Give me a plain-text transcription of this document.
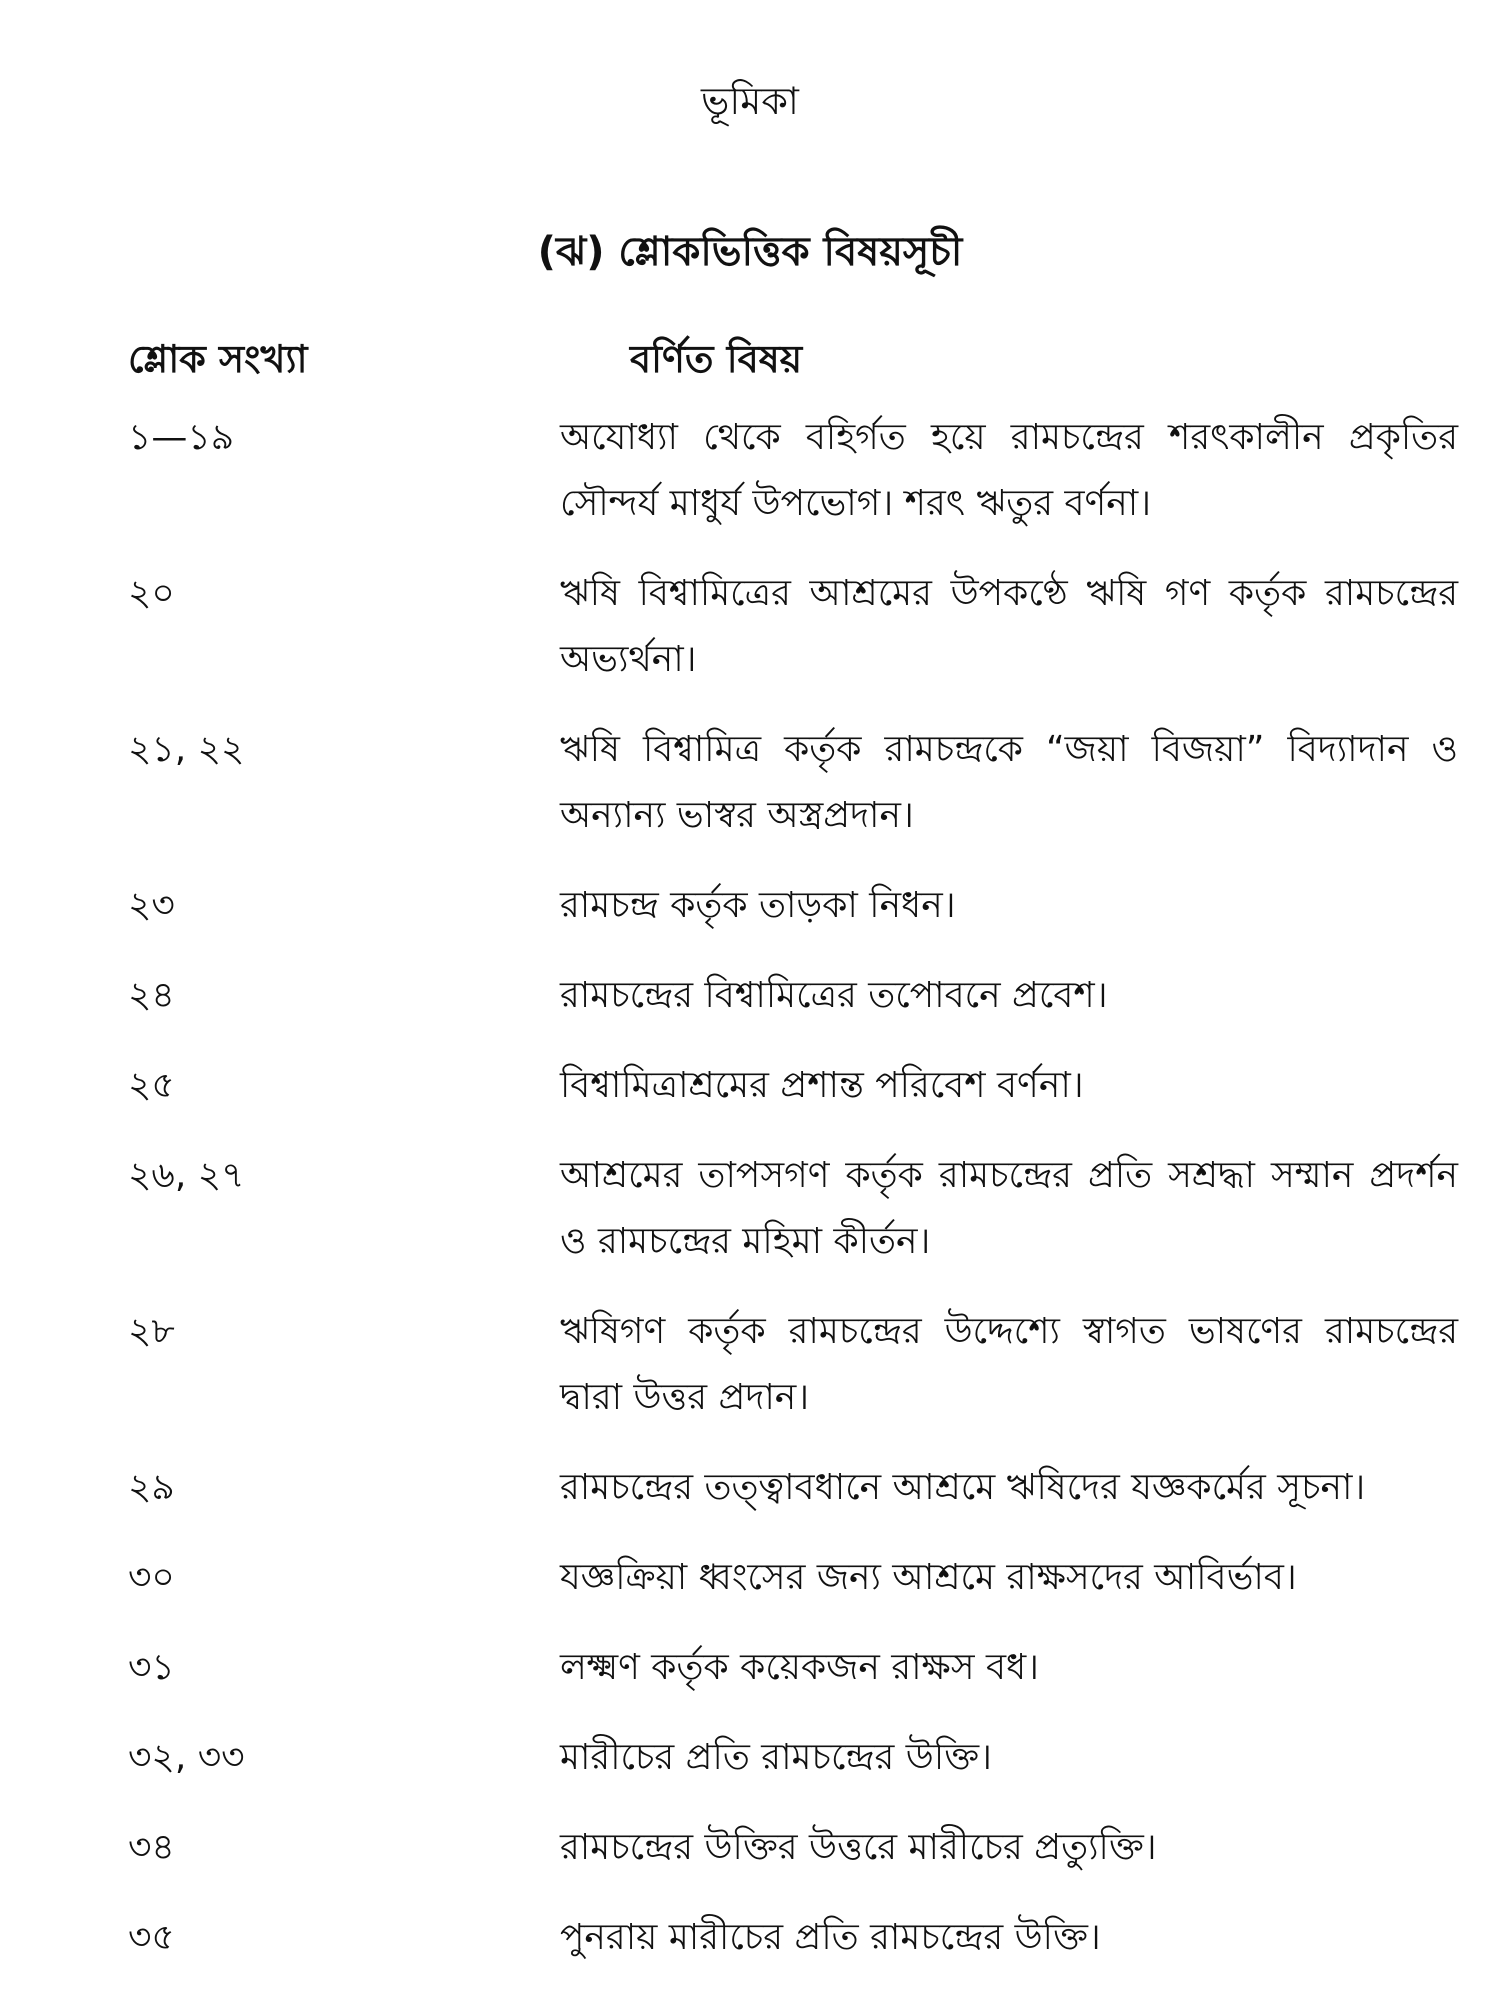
ভূমিকা
(ঝ) শ্লোকভিত্তিক বিষয়সূচী
শ্লোক সংখ্যা	বর্ণিত বিষয়
১—১৯	অযোধ্যা থেকে বহির্গত হয়ে রামচন্দ্রের শরৎকালীন প্রকৃতির সৌন্দর্য মাধুর্য উপভোগ। শরৎ ঋতুর বর্ণনা।
২০	ঋষি বিশ্বামিত্রের আশ্রমের উপকণ্ঠে ঋষি গণ কর্তৃক রামচন্দ্রের অভ্যর্থনা।
২১, ২২	ঋষি বিশ্বামিত্র কর্তৃক রামচন্দ্রকে “জয়া বিজয়া” বিদ্যাদান ও অন্যান্য ভাস্বর অস্ত্রপ্রদান।
২৩	রামচন্দ্র কর্তৃক তাড়কা নিধন।
২৪	রামচন্দ্রের বিশ্বামিত্রের তপোবনে প্রবেশ।
২৫	বিশ্বামিত্রাশ্রমের প্রশান্ত পরিবেশ বর্ণনা।
২৬, ২৭	আশ্রমের তাপসগণ কর্তৃক রামচন্দ্রের প্রতি সশ্রদ্ধা সম্মান প্রদর্শন ও রামচন্দ্রের মহিমা কীর্তন।
২৮	ঋষিগণ কর্তৃক রামচন্দ্রের উদ্দেশ্যে স্বাগত ভাষণের রামচন্দ্রের দ্বারা উত্তর প্রদান।
২৯	রামচন্দ্রের তত্ত্বাবধানে আশ্রমে ঋষিদের যজ্ঞকর্মের সূচনা।
৩০	যজ্ঞক্রিয়া ধ্বংসের জন্য আশ্রমে রাক্ষসদের আবির্ভাব।
৩১	লক্ষ্মণ কর্তৃক কয়েকজন রাক্ষস বধ।
৩২, ৩৩	মারীচের প্রতি রামচন্দ্রের উক্তি।
৩৪	রামচন্দ্রের উক্তির উত্তরে মারীচের প্রত্যুক্তি।
৩৫	পুনরায় মারীচের প্রতি রামচন্দ্রের উক্তি।
